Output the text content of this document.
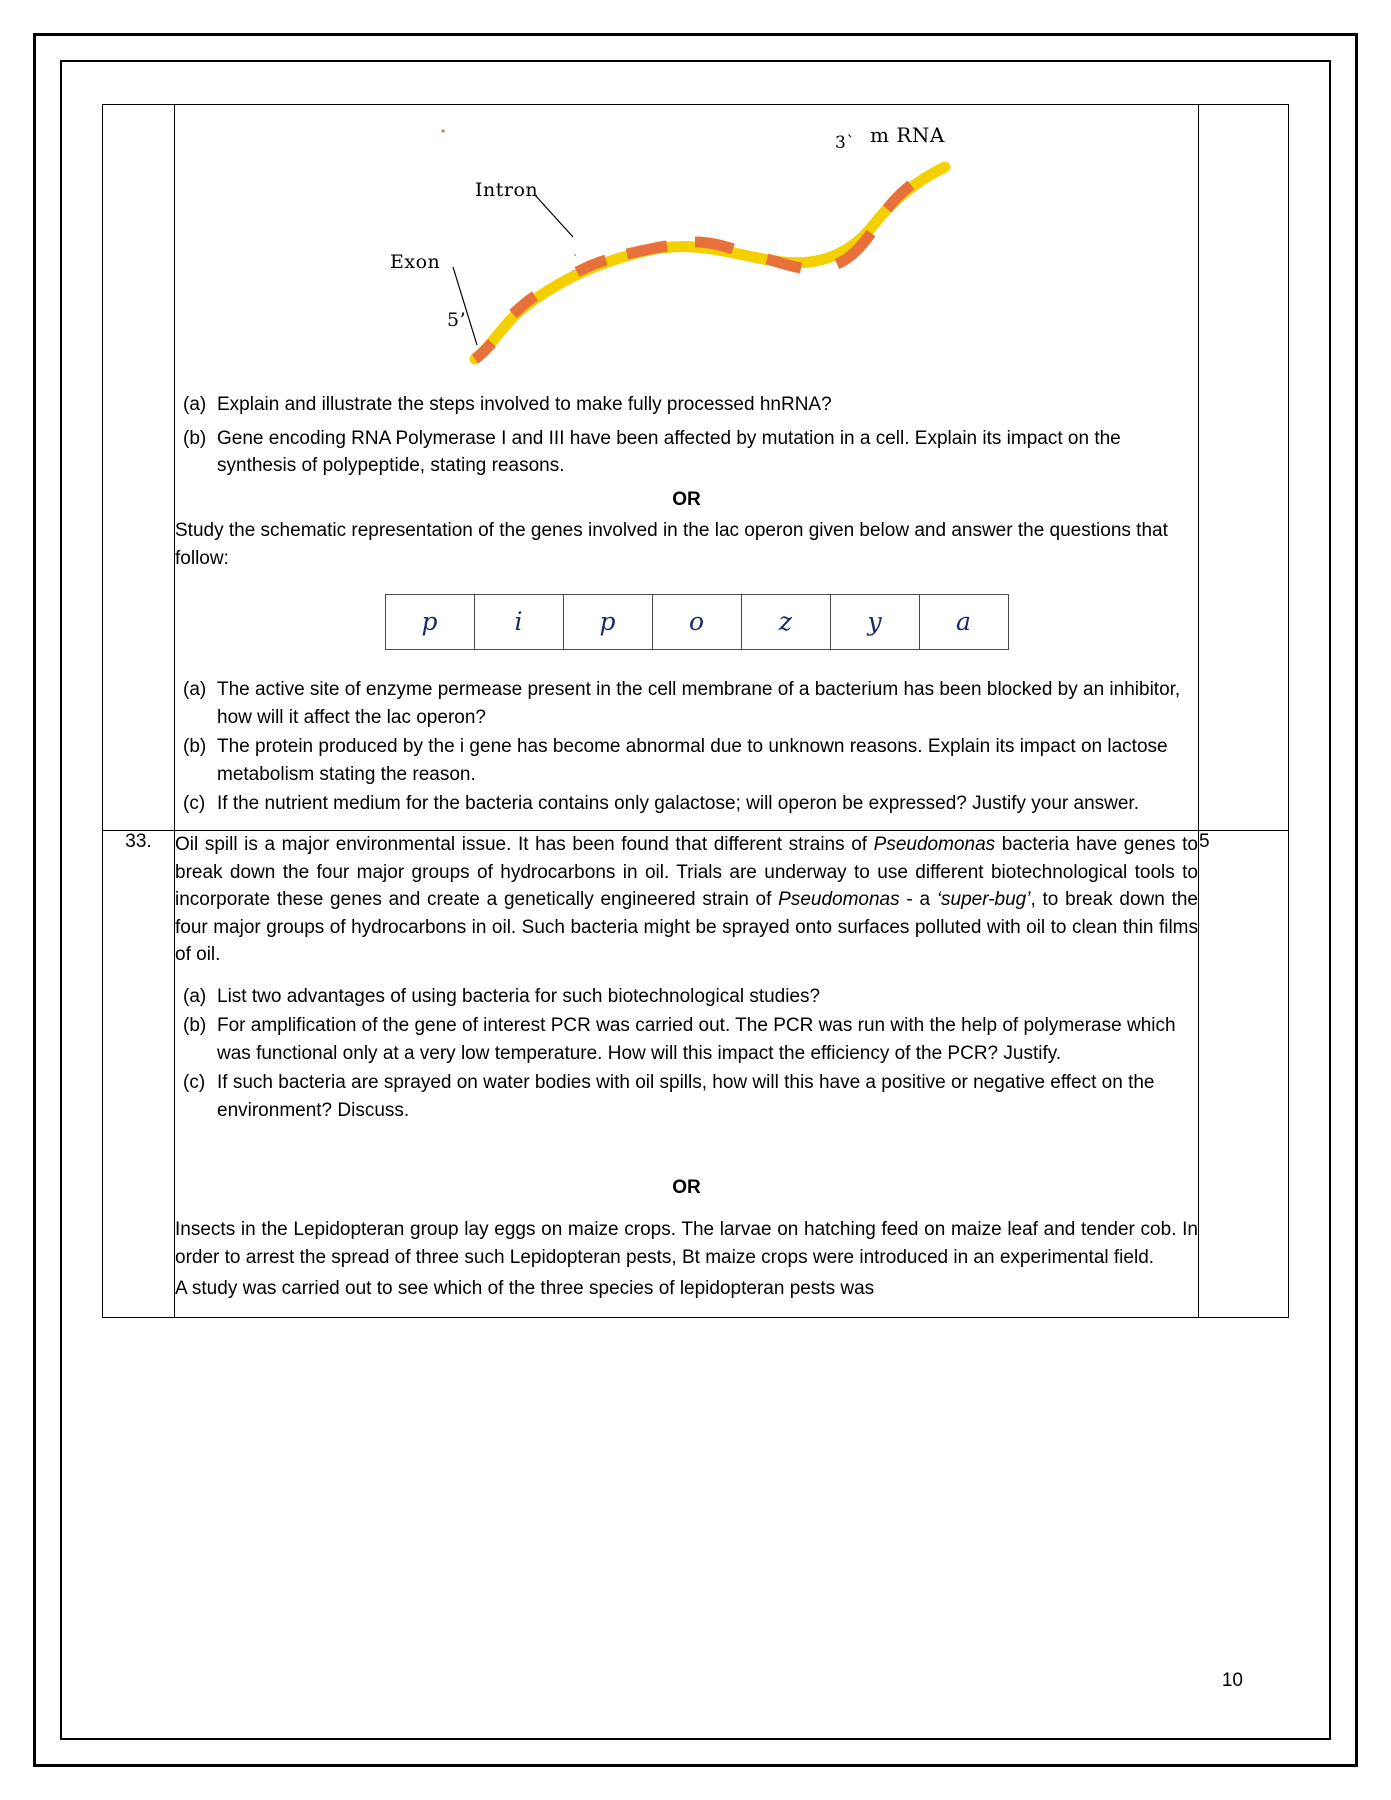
Intron
Exon
5’
3ˋ m RNA
(a) Explain and illustrate the steps involved to make fully processed hnRNA?
(b) Gene encoding RNA Polymerase I and III have been affected by mutation in a cell. Explain its impact on the synthesis of polypeptide, stating reasons.
OR
Study the schematic representation of the genes involved in the lac operon given below and answer the questions that follow:
p	i	p	o	z	y	a
(a) The active site of enzyme permease present in the cell membrane of a bacterium has been blocked by an inhibitor, how will it affect the lac operon?
(b) The protein produced by the i gene has become abnormal due to unknown reasons. Explain its impact on lactose metabolism stating the reason.
(c) If the nutrient medium for the bacteria contains only galactose; will operon be expressed? Justify your answer.

33.	Oil spill is a major environmental issue. It has been found that different strains of Pseudomonas bacteria have genes to break down the four major groups of hydrocarbons in oil. Trials are underway to use different biotechnological tools to incorporate these genes and create a genetically engineered strain of Pseudomonas - a ‘super-bug’, to break down the four major groups of hydrocarbons in oil. Such bacteria might be sprayed onto surfaces polluted with oil to clean thin films of oil.

(a) List two advantages of using bacteria for such biotechnological studies?
(b) For amplification of the gene of interest PCR was carried out. The PCR was run with the help of polymerase which was functional only at a very low temperature. How will this impact the efficiency of the PCR? Justify.
(c) If such bacteria are sprayed on water bodies with oil spills, how will this have a positive or negative effect on the environment? Discuss.
OR

Insects in the Lepidopteran group lay eggs on maize crops. The larvae on hatching feed on maize leaf and tender cob. In order to arrest the spread of three such Lepidopteran pests, Bt maize crops were introduced in an experimental field.

A study was carried out to see which of the three species of lepidopteran pests was

	5
10
